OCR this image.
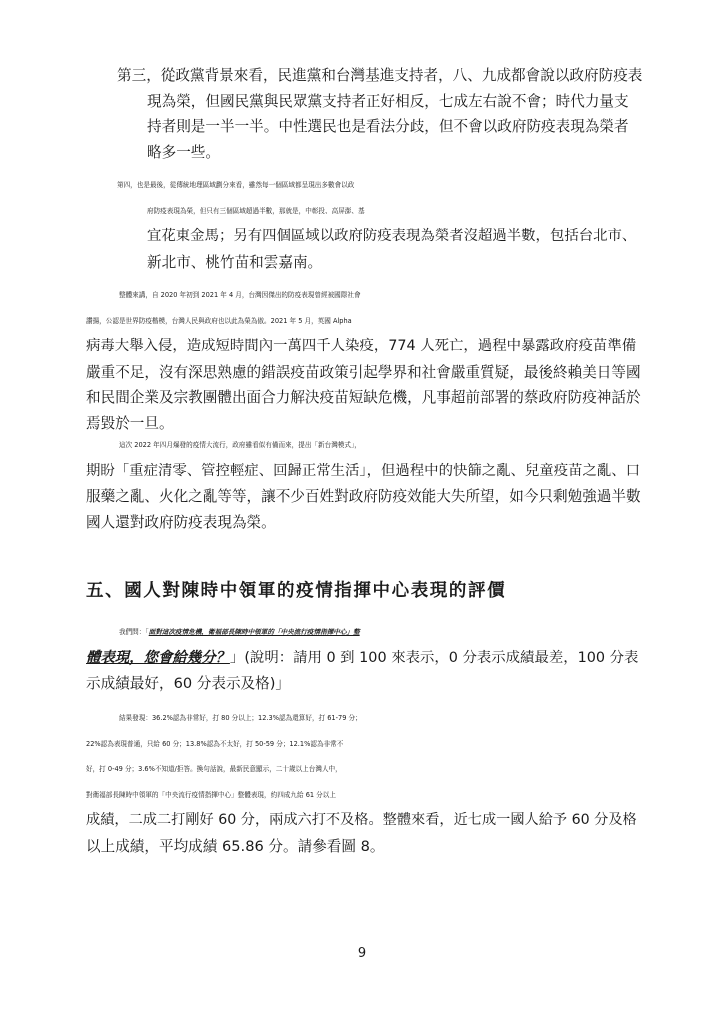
第三，從政黨背景來看，民進黨和台灣基進支持者，八、九成都會說以政府防疫表
現為榮，但國民黨與民眾黨支持者正好相反，七成左右說不會；時代力量支
持者則是一半一半。中性選民也是看法分歧，但不會以政府防疫表現為榮者
略多一些。
第四，也是最後，從傳統地理區域劃分來看，雖然每一個區域都呈現出多數會以政
府防疫表現為榮，但只有三個區域超過半數，那就是，中彰投、高屏澎、基
宜花東金馬；另有四個區域以政府防疫表現為榮者沒超過半數，包括台北市、
新北市、桃竹苗和雲嘉南。
整體來講，自 2020 年初到 2021 年 4 月，台灣因傑出的防疫表現曾經被國際社會
讚揚，公認是世界防疫楷模，台灣人民與政府也以此為榮為傲。2021 年 5 月，英國 Alpha
病毒大舉入侵，造成短時間內一萬四千人染疫，774 人死亡，過程中暴露政府疫苗準備
嚴重不足，沒有深思熟慮的錯誤疫苗政策引起學界和社會嚴重質疑，最後終賴美日等國
和民間企業及宗教團體出面合力解決疫苗短缺危機，凡事超前部署的蔡政府防疫神話於
焉毀於一旦。
這次 2022 年四月爆發的疫情大流行，政府雖看似有備而來，提出「新台灣模式」，
期盼「重症清零、管控輕症、回歸正常生活」，但過程中的快篩之亂、兒童疫苗之亂、口
服藥之亂、火化之亂等等，讓不少百姓對政府防疫效能大失所望，如今只剩勉強過半數
國人還對政府防疫表現為榮。
五、國人對陳時中領軍的疫情指揮中心表現的評價
我們問：「面對這次疫情危機，衛福部長陳時中領軍的「中央流行疫情指揮中心」整
體表現，您會給幾分？」(說明：請用 0 到 100 來表示，0 分表示成績最差，100 分表
示成績最好，60 分表示及格)」
結果發現：36.2%認為非常好，打 80 分以上；12.3%認為還算好，打 61-79 分；
22%認為表現普通，只給 60 分；13.8%認為不太好，打 50-59 分；12.1%認為非常不
好，打 0-49 分；3.6%不知道/拒答。換句話說，最新民意顯示，二十歲以上台灣人中，
對衛福部長陳時中領軍的「中央流行疫情指揮中心」整體表現，約四成九給 61 分以上
成績，二成二打剛好 60 分，兩成六打不及格。整體來看，近七成一國人給予 60 分及格
以上成績，平均成績 65.86 分。請參看圖 8。
9
